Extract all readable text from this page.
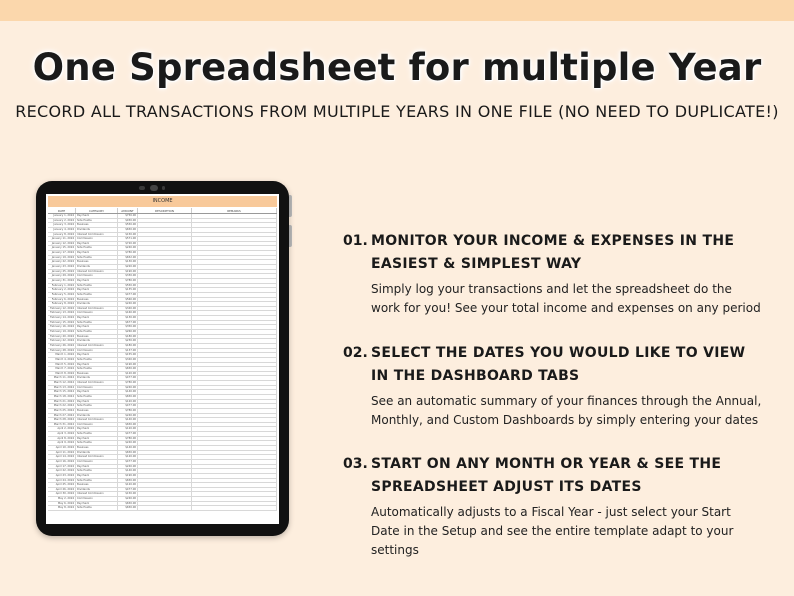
One Spreadsheet for multiple Year
RECORD ALL TRANSACTIONS FROM MULTIPLE YEARS IN ONE FILE (NO NEED TO DUPLICATE!)
INCOME
DATE	CATEGORY	AMOUNT	DESCRIPTION	REMARKS
January 1, 2024	Paycheck	$750.00
January 2, 2024	Side Hustle	$450.00
January 3, 2024	Business	$550.00
January 4, 2024	Dividends	$650.00
January 8, 2024	Interest Commission	$150.00
January 11, 2024	Commission	$571.00
January 12, 2024	Paycheck	$720.00
January 15, 2024	Side Hustle	$240.00
January 17, 2024	Paycheck	$780.00
January 19, 2024	Side Hustle	$652.00
January 22, 2024	Business	$130.00
January 23, 2024	Dividends	$220.00
January 25, 2024	Interest Commission	$190.00
January 29, 2024	Commission	$330.00
January 31, 2024	Paycheck	$780.00
February 1, 2024	Side Hustle	$550.00
February 2, 2024	Paycheck	$135.00
February 5, 2024	Side Hustle	$477.00
February 6, 2024	Business	$560.00
February 8, 2024	Dividends	$240.00
February 12, 2024	Interest Commission	$340.00
February 13, 2024	Commission	$160.00
February 14, 2024	Paycheck	$130.00
February 15, 2024	Side Hustle	$677.00
February 16, 2024	Paycheck	$350.00
February 19, 2024	Side Hustle	$260.00
February 20, 2024	Business	$180.00
February 22, 2024	Dividends	$230.00
February 26, 2024	Interest Commission	$180.00
February 28, 2024	Commission	$137.00
March 1, 2024	Paycheck	$155.00
March 4, 2024	Side Hustle	$340.00
March 5, 2024	Paycheck	$190.00
March 7, 2024	Side Hustle	$650.00
March 8, 2024	Business	$120.00
March 11, 2024	Dividends	$477.00
March 12, 2024	Interest Commission	$780.00
March 13, 2024	Commission	$240.00
March 15, 2024	Paycheck	$140.00
March 18, 2024	Side Hustle	$650.00
March 21, 2024	Paycheck	$120.00
March 22, 2024	Side Hustle	$477.00
March 25, 2024	Business	$780.00
March 27, 2024	Dividends	$240.00
March 28, 2024	Interest Commission	$140.00
March 31, 2024	Commission	$650.00
April 2, 2024	Paycheck	$120.00
April 3, 2024	Side Hustle	$477.00
April 8, 2024	Paycheck	$780.00
April 9, 2024	Side Hustle	$240.00
April 10, 2024	Business	$140.00
April 11, 2024	Dividends	$650.00
April 14, 2024	Interest Commission	$120.00
April 16, 2024	Commission	$477.00
April 17, 2024	Paycheck	$240.00
April 22, 2024	Side Hustle	$140.00
April 23, 2024	Paycheck	$190.00
April 24, 2024	Side Hustle	$650.00
April 25, 2024	Business	$120.00
April 26, 2024	Dividends	$477.00
April 30, 2024	Interest Commission	$150.00
May 2, 2024	Commission	$240.00
May 6, 2024	Paycheck	$650.00
May 8, 2024	Side Hustle	$650.00
01. MONITOR YOUR INCOME & EXPENSES IN THE EASIEST & SIMPLEST WAY
Simply log your transactions and let the spreadsheet do the work for you! See your total income and expenses on any period
02. SELECT THE DATES YOU WOULD LIKE TO VIEW IN THE DASHBOARD TABS
See an automatic summary of your finances through the Annual, Monthly, and Custom Dashboards by simply entering your dates
03. START ON ANY MONTH OR YEAR & SEE THE SPREADSHEET ADJUST ITS DATES
Automatically adjusts to a Fiscal Year - just select your Start Date in the Setup and see the entire template adapt to your settings
